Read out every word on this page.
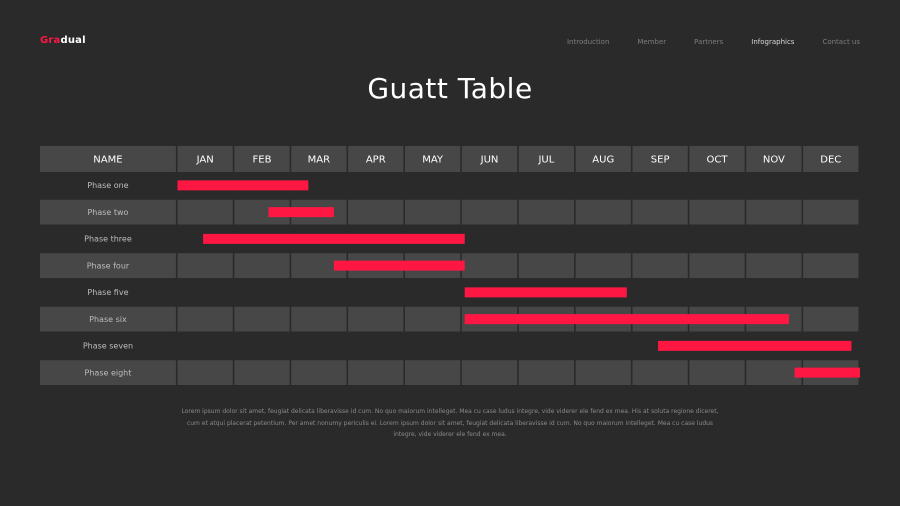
Gradual	Introduction	Member	Partners	Infographics	Contact us
Guatt Table
NAME	JAN	FEB	MAR	APR	MAY	JUN	JUL	AUG	SEP	OCT	NOV	DEC
Phase one
Phase two
Phase three
Phase four
Phase five
Phase six
Phase seven
Phase eight
Lorem ipsum dolor sit amet, feugiat delicata liberavisse id cum. No quo maiorum intelleget. Mea cu case ludus integre, vide viderer ele fend ex mea. His at soluta regione diceret, cum et atqui placerat petentium. Per amet nonumy periculis ei. Lorem ipsum dolor sit amet, feugiat delicata liberavisse id cum. No quo maiorum intelleget. Mea cu case ludus integre, vide viderer ele fend ex mea.
